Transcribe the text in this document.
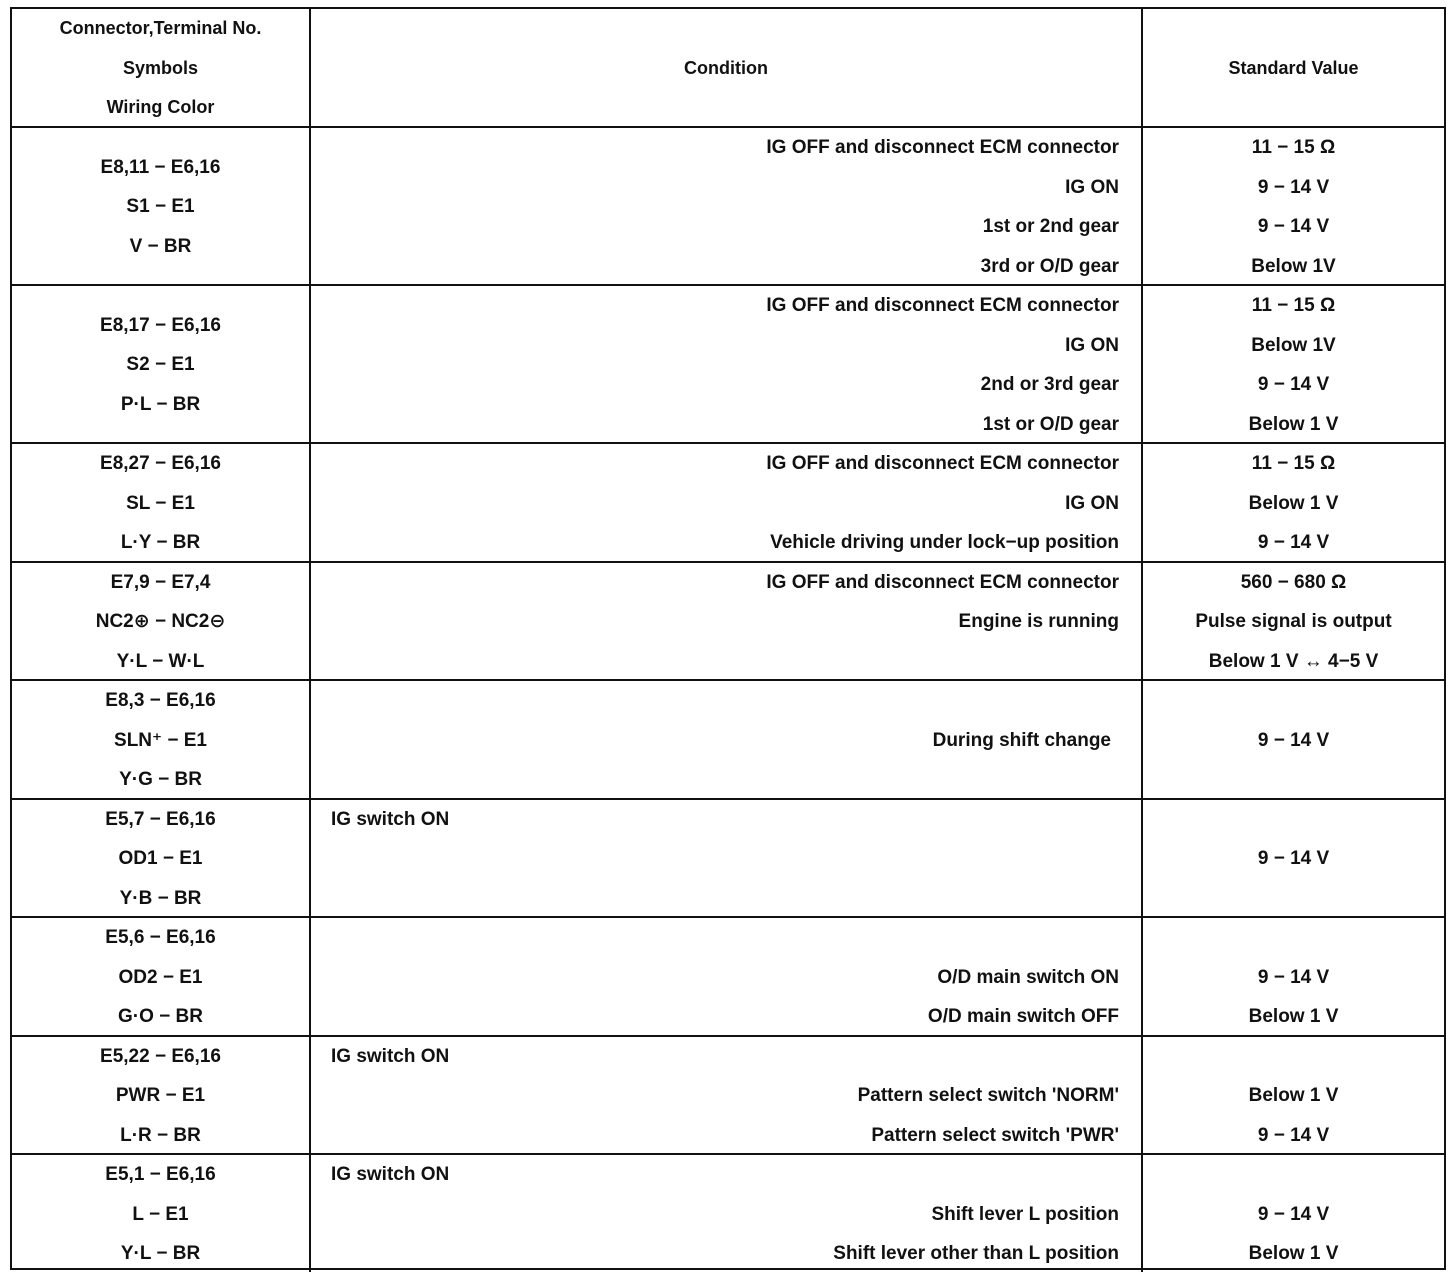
Connector,Terminal No.
Symbols
Wiring Color
Condition	Standard Value
E8,11 − E6,16
S1 − E1
V − BR
IG OFF and disconnect ECM connector
IG ON
1st or 2nd gear
3rd or O/D gear
11 − 15 Ω
9 − 14 V
9 − 14 V
Below 1V
E8,17 − E6,16
S2 − E1
P·L − BR
IG OFF and disconnect ECM connector
IG ON
2nd or 3rd gear
1st or O/D gear
11 − 15 Ω
Below 1V
9 − 14 V
Below 1 V
E8,27 − E6,16
SL − E1
L·Y − BR
IG OFF and disconnect ECM connector
IG ON
Vehicle driving under lock−up position
11 − 15 Ω
Below 1 V
9 − 14 V
E7,9 − E7,4
NC2⊕ − NC2⊖
Y·L − W·L
IG OFF and disconnect ECM connector
Engine is running
560 − 680 Ω
Pulse signal is output
Below 1 V ↔ 4−5 V
E8,3 − E6,16
SLN⁺ − E1
Y·G − BR
During shift change	9 − 14 V
E5,7 − E6,16
OD1 − E1
Y·B − BR
IG switch ON
9 − 14 V
E5,6 − E6,16
OD2 − E1
G·O − BR
O/D main switch ON
O/D main switch OFF
9 − 14 V
Below 1 V
E5,22 − E6,16
PWR − E1
L·R − BR
IG switch ON
Pattern select switch 'NORM'
Pattern select switch 'PWR'
Below 1 V
9 − 14 V
E5,1 − E6,16
L − E1
Y·L − BR
IG switch ON
Shift lever L position
Shift lever other than L position
9 − 14 V
Below 1 V
